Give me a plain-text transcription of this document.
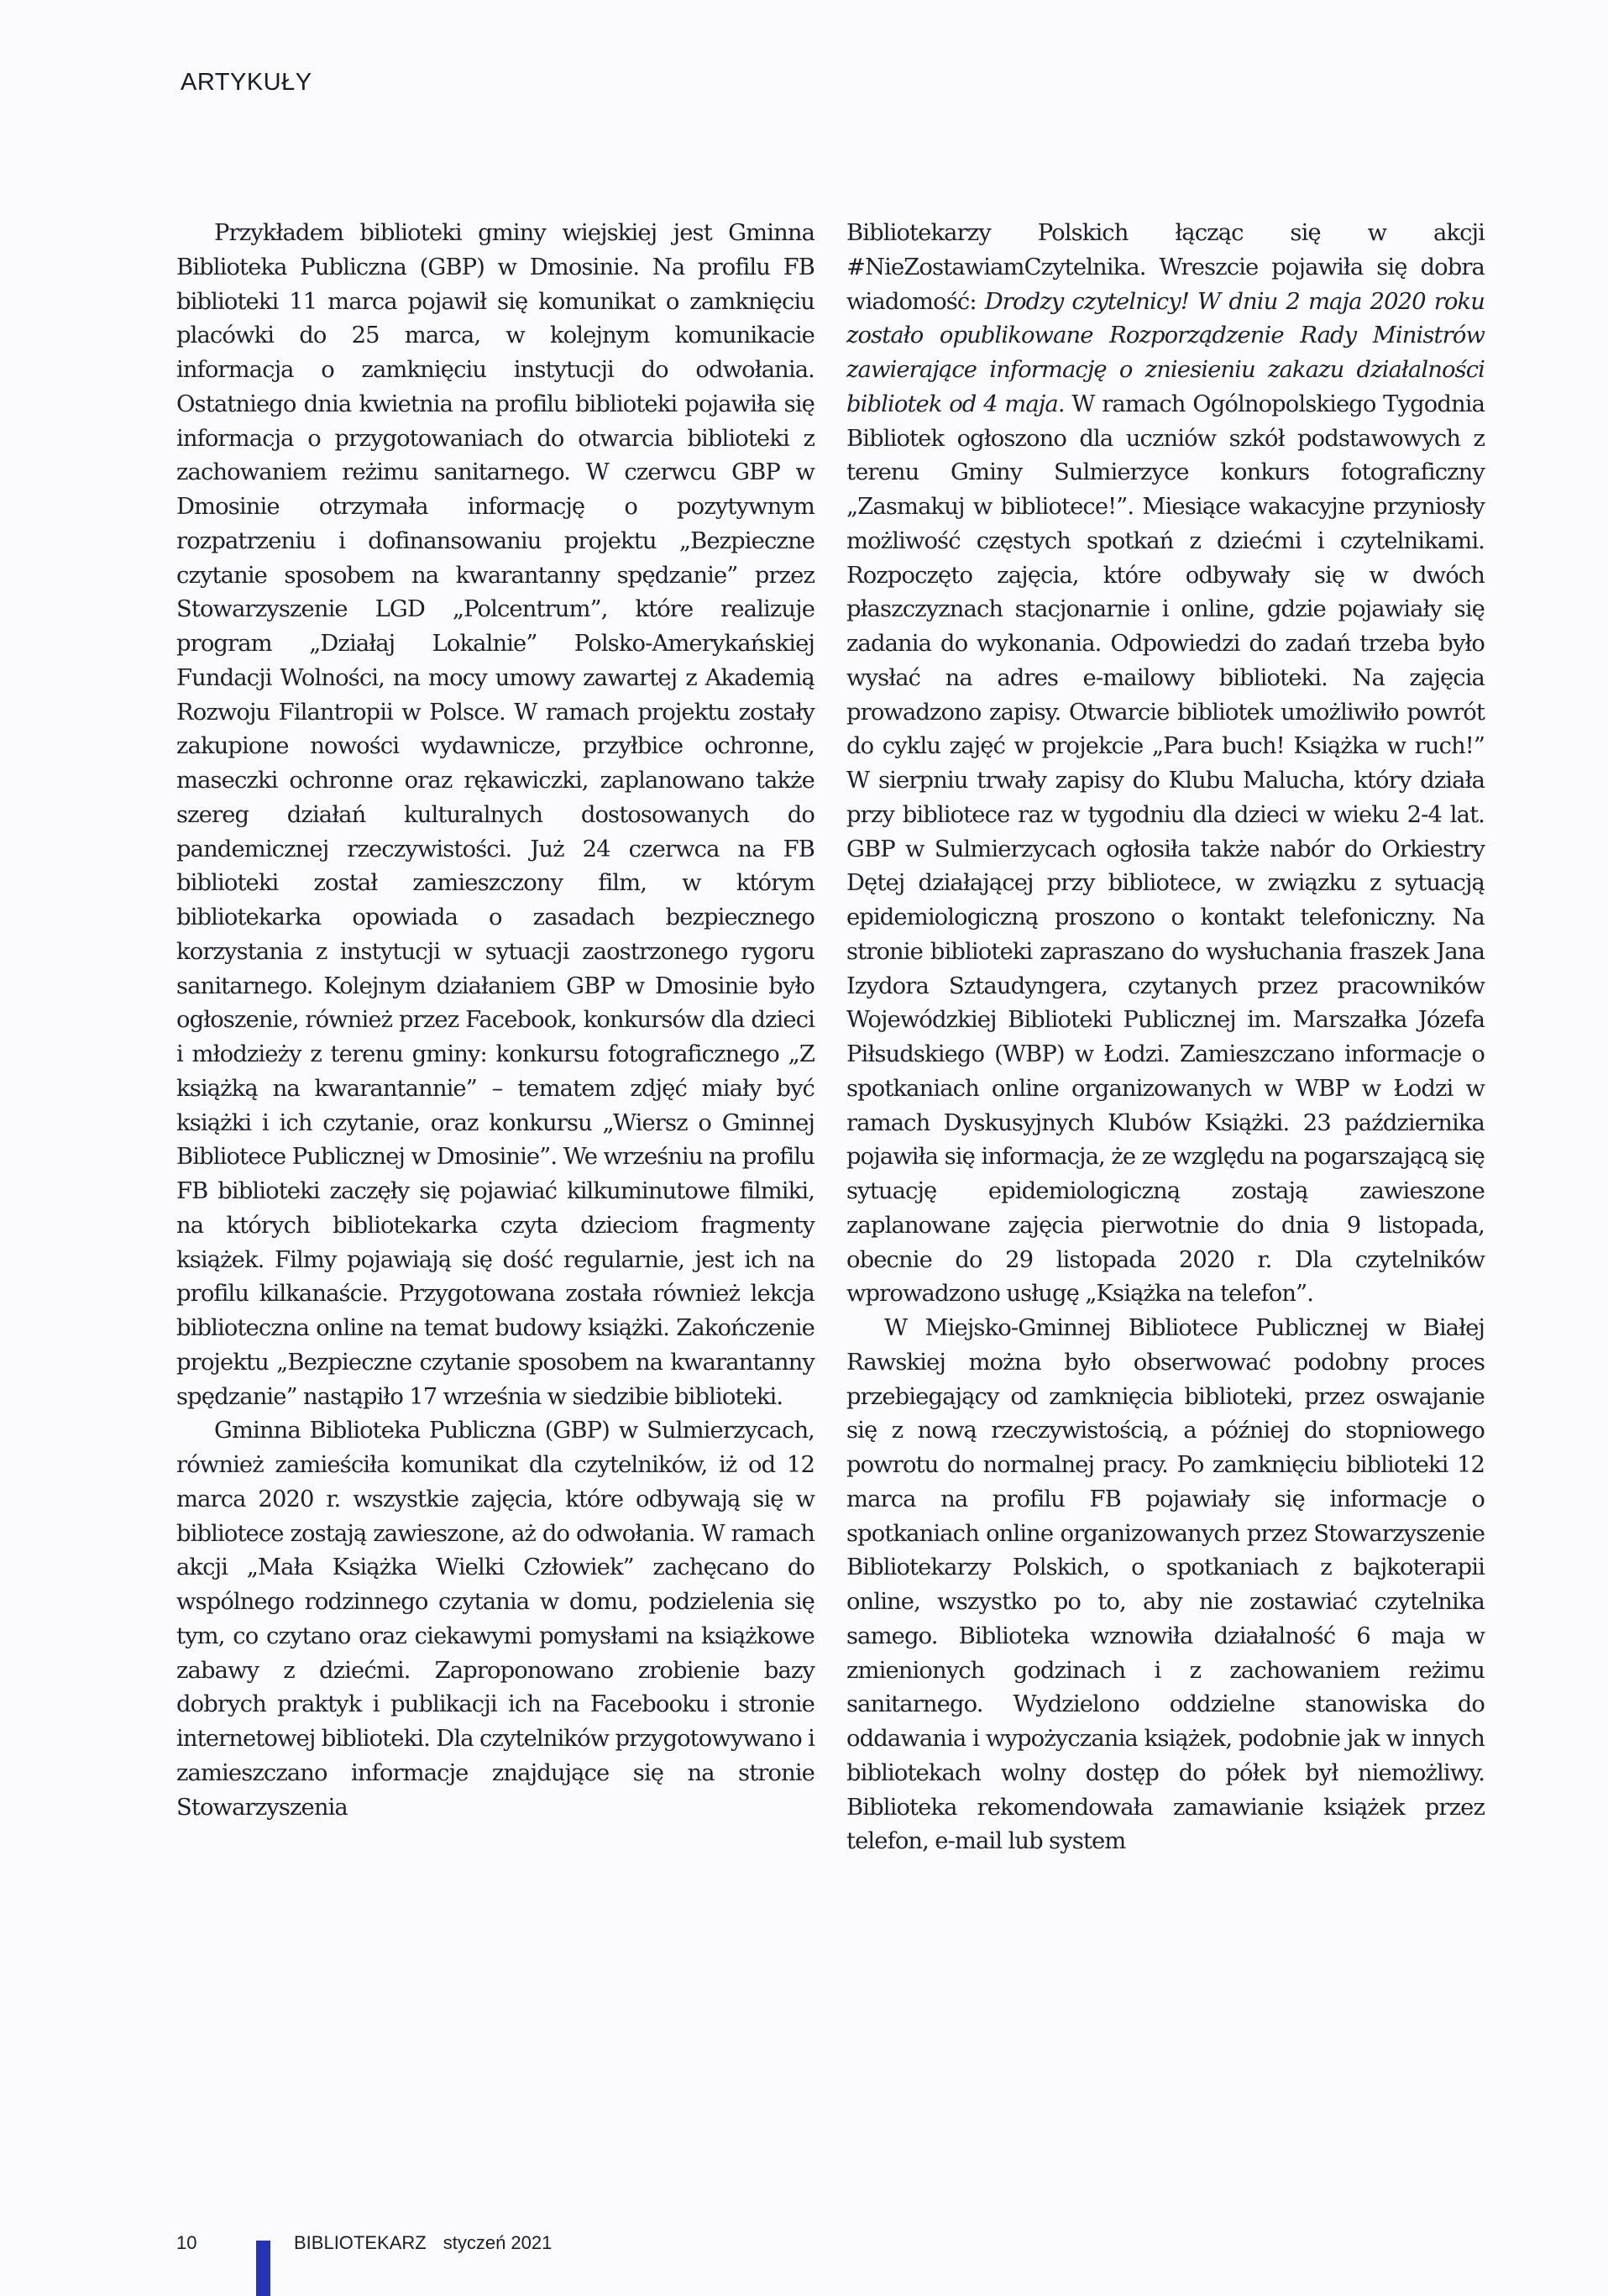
ARTYKUŁY

Przykładem biblioteki gminy wiejskiej jest Gminna Biblioteka Publiczna (GBP) w Dmosinie. Na profilu FB biblioteki 11 marca pojawił się komunikat o zamknięciu placówki do 25 marca, w kolejnym komunikacie informacja o zamknięciu instytucji do odwołania. Ostatniego dnia kwietnia na profilu biblioteki pojawiła się informacja o przygotowaniach do otwarcia biblioteki z zachowaniem reżimu sanitarnego. W czerwcu GBP w Dmosinie otrzymała informację o pozytywnym rozpatrzeniu i dofinansowaniu projektu „Bezpieczne czytanie sposobem na kwarantanny spędzanie” przez Stowarzyszenie LGD „Polcentrum”, które realizuje program „Działaj Lokalnie” Polsko-Amerykańskiej Fundacji Wolności, na mocy umowy zawartej z Akademią Rozwoju Filantropii w Polsce. W ramach projektu zostały zakupione nowości wydawnicze, przyłbice ochronne, maseczki ochronne oraz rękawiczki, zaplanowano także szereg działań kulturalnych dostosowanych do pandemicznej rzeczywistości. Już 24 czerwca na FB biblioteki został zamieszczony film, w którym bibliotekarka opowiada o zasadach bezpiecznego korzystania z instytucji w sytuacji zaostrzonego rygoru sanitarnego. Kolejnym działaniem GBP w Dmosinie było ogłoszenie, również przez Facebook, konkursów dla dzieci i młodzieży z terenu gminy: konkursu fotograficznego „Z książką na kwarantannie” – tematem zdjęć miały być książki i ich czytanie, oraz konkursu „Wiersz o Gminnej Bibliotece Publicznej w Dmosinie”. We wrześniu na profilu FB biblioteki zaczęły się pojawiać kilkuminutowe filmiki, na których bibliotekarka czyta dzieciom fragmenty książek. Filmy pojawiają się dość regularnie, jest ich na profilu kilkanaście. Przygotowana została również lekcja biblioteczna online na temat budowy książki. Zakończenie projektu „Bezpieczne czytanie sposobem na kwarantanny spędzanie” nastąpiło 17 września w siedzibie biblioteki.

Gminna Biblioteka Publiczna (GBP) w Sulmierzycach, również zamieściła komunikat dla czytelników, iż od 12 marca 2020 r. wszystkie zajęcia, które odbywają się w bibliotece zostają zawieszone, aż do odwołania. W ramach akcji „Mała Książka Wielki Człowiek” zachęcano do wspólnego rodzinnego czytania w domu, podzielenia się tym, co czytano oraz ciekawymi pomysłami na książkowe zabawy z dziećmi. Zaproponowano zrobienie bazy dobrych praktyk i publikacji ich na Facebooku i stronie internetowej biblioteki. Dla czytelników przygotowywano i zamieszczano informacje znajdujące się na stronie Stowarzyszenia

Bibliotekarzy Polskich łącząc się w akcji #NieZostawiamCzytelnika. Wreszcie pojawiła się dobra wiadomość: Drodzy czytelnicy! W dniu 2 maja 2020 roku zostało opublikowane Rozporządzenie Rady Ministrów zawierające informację o zniesieniu zakazu działalności bibliotek od 4 maja. W ramach Ogólnopolskiego Tygodnia Bibliotek ogłoszono dla uczniów szkół podstawowych z terenu Gminy Sulmierzyce konkurs fotograficzny „Zasmakuj w bibliotece!”. Miesiące wakacyjne przyniosły możliwość częstych spotkań z dziećmi i czytelnikami. Rozpoczęto zajęcia, które odbywały się w dwóch płaszczyznach stacjonarnie i online, gdzie pojawiały się zadania do wykonania. Odpowiedzi do zadań trzeba było wysłać na adres e-mailowy biblioteki. Na zajęcia prowadzono zapisy. Otwarcie bibliotek umożliwiło powrót do cyklu zajęć w projekcie „Para buch! Książka w ruch!” W sierpniu trwały zapisy do Klubu Malucha, który działa przy bibliotece raz w tygodniu dla dzieci w wieku 2-4 lat. GBP w Sulmierzycach ogłosiła także nabór do Orkiestry Dętej działającej przy bibliotece, w związku z sytuacją epidemiologiczną proszono o kontakt telefoniczny. Na stronie biblioteki zapraszano do wysłuchania fraszek Jana Izydora Sztaudyngera, czytanych przez pracowników Wojewódzkiej Biblioteki Publicznej im. Marszałka Józefa Piłsudskiego (WBP) w Łodzi. Zamieszczano informacje o spotkaniach online organizowanych w WBP w Łodzi w ramach Dyskusyjnych Klubów Książki. 23 października pojawiła się informacja, że ze względu na pogarszającą się sytuację epidemiologiczną zostają zawieszone zaplanowane zajęcia pierwotnie do dnia 9 listopada, obecnie do 29 listopada 2020 r. Dla czytelników wprowadzono usługę „Książka na telefon”.

W Miejsko-Gminnej Bibliotece Publicznej w Białej Rawskiej można było obserwować podobny proces przebiegający od zamknięcia biblioteki, przez oswajanie się z nową rzeczywistością, a później do stopniowego powrotu do normalnej pracy. Po zamknięciu biblioteki 12 marca na profilu FB pojawiały się informacje o spotkaniach online organizowanych przez Stowarzyszenie Bibliotekarzy Polskich, o spotkaniach z bajkoterapii online, wszystko po to, aby nie zostawiać czytelnika samego. Biblioteka wznowiła działalność 6 maja w zmienionych godzinach i z zachowaniem reżimu sanitarnego. Wydzielono oddzielne stanowiska do oddawania i wypożyczania książek, podobnie jak w innych bibliotekach wolny dostęp do półek był niemożliwy. Biblioteka rekomendowała zamawianie książek przez telefon, e-mail lub system

10	BIBLIOTEKARZ styczeń 2021
